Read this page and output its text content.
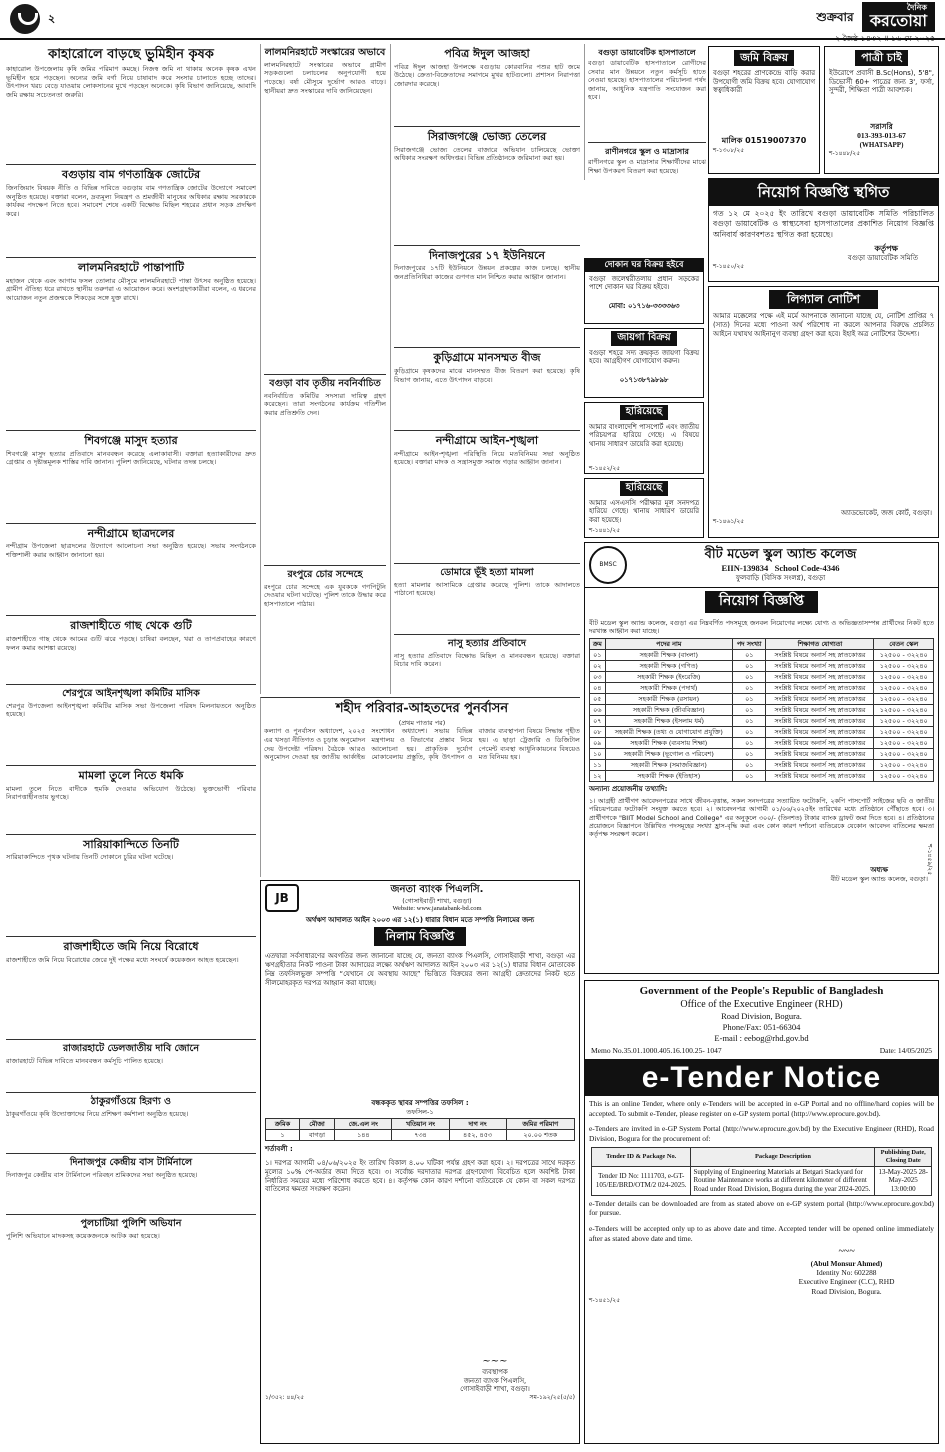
২	শুক্রবার
দৈনিক
করতোয়া
২ জৈষ্ঠ ১৪৩২ ॥ ১৬ মে ২০২৫
কাহারোলে বাড়ছে ভুমিহীন কৃষক
কাহারোল উপজেলায় কৃষি জমির পরিমাণ কমছে। নিজস্ব জমি না থাকায় অনেক কৃষক এখন ভূমিহীন হয়ে পড়ছেন। অন্যের জমি বর্গা নিয়ে চাষাবাদ করে সংসার চালাতে হচ্ছে তাদের। উৎপাদন খরচ বেড়ে যাওয়ায় লোকসানের মুখে পড়ছেন অনেকে। কৃষি বিভাগ জানিয়েছে, আবাদি জমি রক্ষায় সচেতনতা জরুরি।
বগুড়ায় বাম গণতান্ত্রিক জোটের
জিনজিয়াং বিষয়ক নীতি ও বিভিন্ন দাবিতে বগুড়ায় বাম গণতান্ত্রিক জোটের উদ্যোগে সমাবেশ অনুষ্ঠিত হয়েছে। বক্তারা বলেন, দ্রব্যমূল্য নিয়ন্ত্রণ ও শ্রমজীবী মানুষের অধিকার রক্ষায় সরকারকে কার্যকর পদক্ষেপ নিতে হবে। সমাবেশ শেষে একটি বিক্ষোভ মিছিল শহরের প্রধান সড়ক প্রদক্ষিণ করে।
লালমনিরহাটে পান্তাপাটি
মহাজন থেকে এবং আগাম ফসল তোলার মৌসুমে লালমনিরহাটে পান্তা উৎসব অনুষ্ঠিত হয়েছে। গ্রামীণ ঐতিহ্য ধরে রাখতে স্থানীয় তরুণরা এ আয়োজন করে। অংশগ্রহণকারীরা বলেন, এ ধরনের আয়োজন নতুন প্রজন্মকে শিকড়ের সঙ্গে যুক্ত রাখে।
শিবগঞ্জে মাসুদ হত্যার
শিবগঞ্জে মাসুদ হত্যার প্রতিবাদে মানববন্ধন করেছে এলাকাবাসী। বক্তারা হত্যাকারীদের দ্রুত গ্রেপ্তার ও দৃষ্টান্তমূলক শাস্তির দাবি জানান। পুলিশ জানিয়েছে, ঘটনার তদন্ত চলছে।
নন্দীগ্রামে ছাত্রদলের
নন্দীগ্রাম উপজেলা ছাত্রদলের উদ্যোগে আলোচনা সভা অনুষ্ঠিত হয়েছে। সভায় সংগঠনকে শক্তিশালী করার আহ্বান জানানো হয়।
রাজশাহীতে গাছ থেকে গুটি
রাজশাহীতে গাছ থেকে আমের গুটি ঝরে পড়ছে। চাষিরা বলছেন, খরা ও তাপপ্রবাহের কারণে ফলন কমার আশঙ্কা রয়েছে।
শেরপুরে আইনশৃঙ্খলা কমিটির মাসিক
শেরপুর উপজেলা আইনশৃঙ্খলা কমিটির মাসিক সভা উপজেলা পরিষদ মিলনায়তনে অনুষ্ঠিত হয়েছে।
মামলা তুলে নিতে ধমকি
মামলা তুলে নিতে বাদীকে হুমকি দেওয়ার অভিযোগ উঠেছে। ভুক্তভোগী পরিবার নিরাপত্তাহীনতায় ভুগছে।
সারিয়াকান্দিতে তিনটি
সারিয়াকান্দিতে পৃথক ঘটনায় তিনটি দোকানে চুরির ঘটনা ঘটেছে।
রাজশাহীতে জমি নিয়ে বিরোধে
রাজশাহীতে জমি নিয়ে বিরোধের জেরে দুই পক্ষের মধ্যে সংঘর্ষে কয়েকজন আহত হয়েছেন।
রাজারহাটে ডেলজাতীয় দাবি জোনে
রাজারহাটে বিভিন্ন দাবিতে মানববন্ধন কর্মসূচি পালিত হয়েছে।
ঠাকুরগাঁওয়ে হিরণ্য ও
ঠাকুরগাঁওয়ে কৃষি উদ্যোক্তাদের নিয়ে প্রশিক্ষণ কর্মশালা অনুষ্ঠিত হয়েছে।
দিনাজপুর কেন্দ্রীয় বাস টার্মিনালে
দিনাজপুর কেন্দ্রীয় বাস টার্মিনালে পরিবহন শ্রমিকদের সভা অনুষ্ঠিত হয়েছে।
পুলচাটিয়া পুলিশি অভিযান
পুলিশি অভিযানে মাদকসহ কয়েকজনকে আটক করা হয়েছে।
লালমনিরহাটে সংস্কারের অভাবে
লালমনিরহাটে সংস্কারের অভাবে গ্রামীণ সড়কগুলো চলাচলের অনুপযোগী হয়ে পড়েছে। বর্ষা মৌসুমে দুর্ভোগ আরও বাড়ে। স্থানীয়রা দ্রুত সংস্কারের দাবি জানিয়েছেন।
বগুড়া বাব তৃতীয় নবনির্বাচিত
নবনির্বাচিত কমিটির সদস্যরা দায়িত্ব গ্রহণ করেছেন। তারা সংগঠনের কার্যক্রম গতিশীল করার প্রতিশ্রুতি দেন।
রংপুরে চোর সন্দেহে
রংপুরে চোর সন্দেহে এক যুবককে গণপিটুনি দেওয়ার ঘটনা ঘটেছে। পুলিশ তাকে উদ্ধার করে হাসপাতালে পাঠায়।
পবিত্র ঈদুল আজহা
পবিত্র ঈদুল আজহা উপলক্ষে বগুড়ায় কোরবানির পশুর হাট জমে উঠেছে। ক্রেতা-বিক্রেতাদের সমাগমে মুখর হাটগুলো। প্রশাসন নিরাপত্তা জোরদার করেছে।
সিরাজগঞ্জে ভোজ্য তেলের
সিরাজগঞ্জে ভোজ্য তেলের বাজারে অভিযান চালিয়েছে ভোক্তা অধিকার সংরক্ষণ অধিদপ্তর। বিভিন্ন প্রতিষ্ঠানকে জরিমানা করা হয়।
দিনাজপুরের ১৭ ইউনিয়নে
দিনাজপুরের ১৭টি ইউনিয়নে উন্নয়ন প্রকল্পের কাজ চলছে। স্থানীয় জনপ্রতিনিধিরা কাজের গুণগত মান নিশ্চিত করার আহ্বান জানান।
কুড়িগ্রামে মানসম্মত বীজ
কুড়িগ্রামে কৃষকদের মাঝে মানসম্মত বীজ বিতরণ করা হয়েছে। কৃষি বিভাগ জানায়, এতে উৎপাদন বাড়বে।
নন্দীগ্রামে আইন-শৃঙ্খলা
নন্দীগ্রামে আইন-শৃঙ্খলা পরিস্থিতি নিয়ে মতবিনিময় সভা অনুষ্ঠিত হয়েছে। বক্তারা মাদক ও সন্ত্রাসমুক্ত সমাজ গড়ার আহ্বান জানান।
ডোমারে ভূঁই হত্যা মামলা
হত্যা মামলার আসামিকে গ্রেপ্তার করেছে পুলিশ। তাকে আদালতে পাঠানো হয়েছে।
নাসু হত্যার প্রতিবাদে
নাসু হত্যার প্রতিবাদে বিক্ষোভ মিছিল ও মানববন্ধন হয়েছে। বক্তারা বিচার দাবি করেন।
শহীদ পরিবার-আহতদের পুনর্বাসন
(প্রথম পাতার পর)
কল্যাণ ও পুনর্বাসন অধ্যাদেশ, ২০২৫ এর খসড়া নীতিগত ও চূড়ান্ত অনুমোদন দেয় উপদেষ্টা পরিষদ। বৈঠকে আরও অনুমোদন দেওয়া হয় জাতীয় আর্কাইভ সংশোধন অধ্যাদেশ। সভায় বিভিন্ন মন্ত্রণালয় ও বিভাগের প্রস্তাব নিয়ে আলোচনা হয়। প্রাকৃতিক দুর্যোগ মোকাবেলায় প্রস্তুতি, কৃষি উৎপাদন ও বাজার ব্যবস্থাপনা বিষয়ে সিদ্ধান্ত গৃহীত হয়। এ ছাড়া ট্রেজারি ও ডিজিটাল পেমেন্ট ব্যবস্থা আধুনিকায়নের বিষয়েও মত বিনিময় হয়।
JB
জনতা ব্যাংক পিএলসি.
(গোসাইবাড়ী শাখা, বগুড়া)
Website: www.janatabank-bd.com
অর্থঋণ আদালত আইন ২০০৩ এর ১২(১) ধারার বিধান মতে সম্পত্তি নিলামের জন্য
নিলাম বিজ্ঞপ্তি
এতদ্বারা সর্বসাধারণের অবগতির জন্য জানানো যাচ্ছে যে, জনতা ব্যাংক পিএলসি, গোসাইবাড়ী শাখা, বগুড়া এর ঋণগ্রহীতার নিকট পাওনা টাকা আদায়ের লক্ষ্যে অর্থঋণ আদালত আইন ২০০৩ এর ১২(১) ধারার বিধান মোতাবেক নিম্ন তফসিলভুক্ত সম্পত্তি “যেখানে যে অবস্থায় আছে” ভিত্তিতে বিক্রয়ের জন্য আগ্রহী ক্রেতাদের নিকট হতে সীলমোহরকৃত দরপত্র আহ্বান করা যাচ্ছে।
বন্ধককৃত স্থাবর সম্পত্তির তফসিল :
তফসিল-১
ক্রমিক	মৌজা	জে.এল নং	খতিয়ান নং	দাগ নং	জমির পরিমাণ
১	বাগড়া	১৪৪	৭৩৪	৪৫২, ৪৫৩	২০.০০ শতক
শর্তাবলী :
১। দরপত্র আগামী ০৪/০৬/২০২৫ ইং তারিখ বিকাল ৪.০০ ঘটিকা পর্যন্ত গ্রহণ করা হবে। ২। দরপত্রের সাথে দরকৃত মূল্যের ১০% পে-অর্ডার জমা দিতে হবে। ৩। সর্বোচ্চ দরদাতার দরপত্র গ্রহণযোগ্য বিবেচিত হলে অবশিষ্ট টাকা নির্ধারিত সময়ের মধ্যে পরিশোধ করতে হবে। ৪। কর্তৃপক্ষ কোন কারণ দর্শানো ব্যতিরেকে যে কোন বা সকল দরপত্র বাতিলের ক্ষমতা সংরক্ষণ করেন।
~~~
ব্যবস্থাপক
জনতা ব্যাংক পিএলসি,
গোসাইবাড়ী শাখা, বগুড়া।
১/৩৫২: ৪৪/২৫	সম-১৯২/২৫(৫/৫)
বগুড়া ডায়াবেটিক হাসপাতালে
বগুড়া ডায়াবেটিক হাসপাতালে রোগীদের সেবার মান উন্নয়নে নতুন কর্মসূচি হাতে নেওয়া হয়েছে। হাসপাতালের পরিচালনা পর্ষদ জানায়, আধুনিক যন্ত্রপাতি সংযোজন করা হবে।
রাণীনগরে স্কুল ও মাদ্রাসার
রাণীনগরে স্কুল ও মাদ্রাসার শিক্ষার্থীদের মাঝে শিক্ষা উপকরণ বিতরণ করা হয়েছে।
জমি বিক্রয়
বগুড়া শহরের প্রাণকেন্দ্রে বাড়ি করার উপযোগী জমি বিক্রয় হবে। যোগাযোগ স্বত্বাধিকারী
মালিক 01519007370
শ-১৩০৮/২৫
পাত্রী চাই
ইউরোপে প্রবাসী B.Sc(Hons), 5'8", ডিভোর্সী 60+ পাত্রের জন্য 3', ফর্সা, সুন্দরী, শিক্ষিতা পাত্রী আবশ্যক।
সরাসরি
013-393-013-67
(WHATSAPP)
শ-১৪৪৮/২৫
নিয়োগ বিজ্ঞপ্তি স্থগিত
গত ১২ মে ২০২৫ ইং তারিখে বগুড়া ডায়াবেটিক সমিতি পরিচালিত বগুড়া ডায়াবেটিক ও স্বাস্থ্যসেবা হাসপাতালের প্রকাশিত নিয়োগ বিজ্ঞপ্তি অনিবার্য কারণবশতঃ স্থগিত করা হয়েছে।
কর্তৃপক্ষ
বগুড়া ডায়াবেটিক সমিতি
শ-১৪৫০/২৫
দোকান ঘর বিক্রয় হইবে
বগুড়া জলেশ্বরীতলায় প্রধান সড়কের পাশে দোকান ঘর বিক্রয় হইবে।
মোবা: ০১৭১৬-৩৩৩৩৬৩
জায়গা বিক্রয়
বগুড়া শহরে সদ্য ক্রয়কৃত জায়গা বিক্রয় হবে। আগ্রহীগণ যোগাযোগ করুন।
০১৭১৩৮৭৯৮৯৮
হারিয়েছে
আমার বাংলাদেশি পাসপোর্ট এবং জাতীয় পরিচয়পত্র হারিয়ে গেছে। এ বিষয়ে থানায় সাধারণ ডায়েরি করা হয়েছে।
শ-১৪৫২/২৫
হারিয়েছে
আমার এসএসসি পরীক্ষার মূল সনদপত্র হারিয়ে গেছে। থানায় সাধারণ ডায়েরি করা হয়েছে।
শ-১৪৪১/২৫
লিগ্যাল নোটিশ
আমার মক্কেলের পক্ষে এই মর্মে আপনাকে জানানো যাচ্ছে যে, নোটিশ প্রাপ্তির ৭ (সাত) দিনের মধ্যে পাওনা অর্থ পরিশোধ না করলে আপনার বিরুদ্ধে প্রচলিত আইনে যথাযথ আইনানুগ ব্যবস্থা গ্রহণ করা হবে। ইহাই অত্র নোটিশের উদ্দেশ্য।
অ্যাডভোকেট, জজ কোর্ট, বগুড়া।
শ-১৪৬১/২৫
BMSC
বীট মডেল স্কুল অ্যান্ড কলেজ
EIIN-139834 School Code-4346
ফুলবাড়ি (বিসিক সংলগ্ন), বগুড়া
নিয়োগ বিজ্ঞপ্তি
বীট মডেল স্কুল অ্যান্ড কলেজ, বগুড়া এর নিম্নবর্ণিত পদসমূহে জনবল নিয়োগের লক্ষ্যে যোগ্য ও অভিজ্ঞতাসম্পন্ন প্রার্থীদের নিকট হতে দরখাস্ত আহ্বান করা যাচ্ছে।
ক্রম	পদের নাম	পদ সংখ্যা	শিক্ষাগত যোগ্যতা	বেতন স্কেল
০১	সহকারী শিক্ষক (বাংলা)	০১	সংশ্লিষ্ট বিষয়ে অনার্স সহ স্নাতকোত্তর	১২৫০০ - ৩২২৪০
০২	সহকারী শিক্ষক (গণিত)	০১	সংশ্লিষ্ট বিষয়ে অনার্স সহ স্নাতকোত্তর	১২৫০০ - ৩২২৪০
০৩	সহকারী শিক্ষক (ইংরেজি)	০১	সংশ্লিষ্ট বিষয়ে অনার্স সহ স্নাতকোত্তর	১২৫০০ - ৩২২৪০
০৪	সহকারী শিক্ষক (পদার্থ)	০১	সংশ্লিষ্ট বিষয়ে অনার্স সহ স্নাতকোত্তর	১২৫০০ - ৩২২৪০
০৫	সহকারী শিক্ষক (রসায়ন)	০১	সংশ্লিষ্ট বিষয়ে অনার্স সহ স্নাতকোত্তর	১২৫০০ - ৩২২৪০
০৬	সহকারী শিক্ষক (জীববিজ্ঞান)	০১	সংশ্লিষ্ট বিষয়ে অনার্স সহ স্নাতকোত্তর	১২৫০০ - ৩২২৪০
০৭	সহকারী শিক্ষক (ইসলাম ধর্ম)	০১	সংশ্লিষ্ট বিষয়ে অনার্স সহ স্নাতকোত্তর	১২৫০০ - ৩২২৪০
০৮	সহকারী শিক্ষক (তথ্য ও যোগাযোগ প্রযুক্তি)	০১	সংশ্লিষ্ট বিষয়ে অনার্স সহ স্নাতকোত্তর	১২৫০০ - ৩২২৪০
০৯	সহকারী শিক্ষক (ব্যবসায় শিক্ষা)	০১	সংশ্লিষ্ট বিষয়ে অনার্স সহ স্নাতকোত্তর	১২৫০০ - ৩২২৪০
১০	সহকারী শিক্ষক (ভূগোল ও পরিবেশ)	০১	সংশ্লিষ্ট বিষয়ে অনার্স সহ স্নাতকোত্তর	১২৫০০ - ৩২২৪০
১১	সহকারী শিক্ষক (সমাজবিজ্ঞান)	০১	সংশ্লিষ্ট বিষয়ে অনার্স সহ স্নাতকোত্তর	১২৫০০ - ৩২২৪০
১২	সহকারী শিক্ষক (ইতিহাস)	০১	সংশ্লিষ্ট বিষয়ে অনার্স সহ স্নাতকোত্তর	১২৫০০ - ৩২২৪০
অন্যান্য প্রয়োজনীয় তথ্যাদি:
১। আগ্রহী প্রার্থীগণ আবেদনপত্রের সাথে জীবন-বৃত্তান্ত, সকল সনদপত্রের সত্যায়িত ফটোকপি, ২কপি পাসপোর্ট সাইজের ছবি ও জাতীয় পরিচয়পত্রের ফটোকপি সংযুক্ত করতে হবে। ২। আবেদনপত্র আগামী ০১/০৬/২০২৫ইং তারিখের মধ্যে প্রতিষ্ঠানে পৌঁছাতে হবে। ৩। প্রার্থীগণকে "BIIT Model School and College" এর অনুকূলে ৩০০/- (তিনশত) টাকার ব্যাংক ড্রাফট জমা দিতে হবে। ৪। প্রতিষ্ঠানের প্রয়োজনে বিজ্ঞাপনে উল্লিখিত পদসমূহের সংখ্যা হ্রাস-বৃদ্ধি করা এবং কোন কারণ দর্শানো ব্যতিরেকে যেকোন আবেদন বাতিলের ক্ষমতা কর্তৃপক্ষ সংরক্ষণ করেন।
অধ্যক্ষ
বীট মডেল স্কুল অ্যান্ড কলেজ, বগুড়া।
শ-১৪৫৯/২৫
Government of the People's Republic of Bangladesh
Office of the Executive Engineer (RHD)
Road Division, Bogura.
Phone/Fax: 051-66304
E-mail : eebog@rhd.gov.bd
Memo No.35.01.1000.405.16.100.25- 1047	Date: 14/05/2025
e-Tender Notice
This is an online Tender, where only e-Tenders will be accepted in e-GP Portal and no offline/hard copies will be accepted. To submit e-Tender, please register on e-GP system portal (http://www.eprocure.gov.bd).
e-Tenders are invited in e-GP System Portal (http://www.eprocure.gov.bd) by the Executive Engineer (RHD), Road Division, Bogura for the procurement of:
Tender ID & Package No.	Package Description	Publishing Date, Closing Date
Tender ID No: 1111703, e-GT-105/EE/BRD/OTM/2 024-2025.	Supplying of Engineering Materials at Betgari Stackyard for Routine Maintenance works at different kilometer of different Road under Road Division, Bogura during the year 2024-2025.	13-May-2025 28-May-2025 13:00:00
e-Tender details can be downloaded are from as stated above on e-GP system portal (http://www.eprocure.gov.bd) for pursue.
e-Tenders will be accepted only up to as above date and time. Accepted tender will be opened online immediately after as stated above date and time.
~~~
(Abul Monsur Ahmed)
Identity No: 602288
Executive Engineer (C.C), RHD
Road Division, Bogura.
শ-১৪৫১/২৫
